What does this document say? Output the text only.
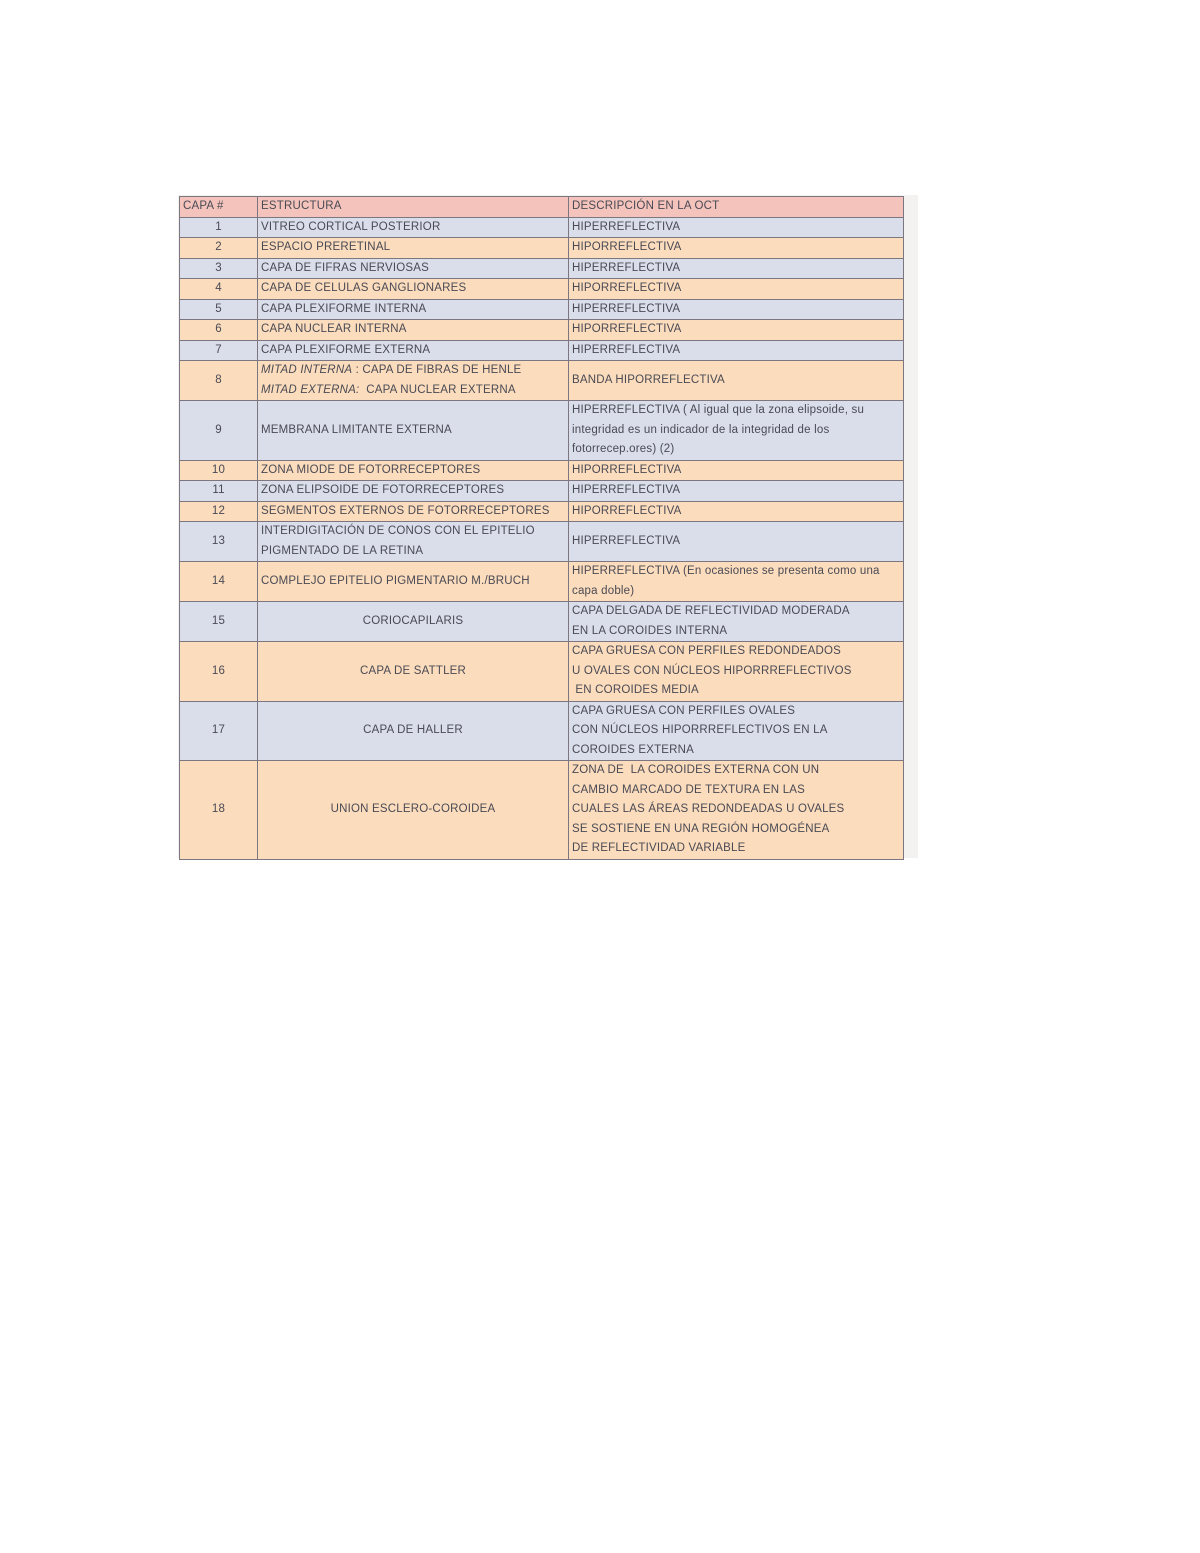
CAPA #	ESTRUCTURA	DESCRIPCIÓN EN LA OCT
1	VITREO CORTICAL POSTERIOR	HIPERREFLECTIVA
2	ESPACIO PRERETINAL	HIPORREFLECTIVA
3	CAPA DE FIFRAS NERVIOSAS	HIPERREFLECTIVA
4	CAPA DE CELULAS GANGLIONARES	HIPORREFLECTIVA
5	CAPA PLEXIFORME INTERNA	HIPERREFLECTIVA
6	CAPA NUCLEAR INTERNA	HIPORREFLECTIVA
7	CAPA PLEXIFORME EXTERNA	HIPERREFLECTIVA
8	MITAD INTERNA : CAPA DE FIBRAS DE HENLE
MITAD EXTERNA:  CAPA NUCLEAR EXTERNA	BANDA HIPORREFLECTIVA
9	MEMBRANA LIMITANTE EXTERNA	HIPERREFLECTIVA ( Al igual que la zona elipsoide, su
integridad es un indicador de la integridad de los
fotorrecep.ores) (2)

10	ZONA MIODE DE FOTORRECEPTORES	HIPORREFLECTIVA
11	ZONA ELIPSOIDE DE FOTORRECEPTORES	HIPERREFLECTIVA
12	SEGMENTOS EXTERNOS DE FOTORRECEPTORES	HIPORREFLECTIVA
13	INTERDIGITACIÓN DE CONOS CON EL EPITELIO
PIGMENTADO DE LA RETINA	HIPERREFLECTIVA
14	COMPLEJO EPITELIO PIGMENTARIO M./BRUCH	HIPERREFLECTIVA (En ocasiones se presenta como una
capa doble)

15	CORIOCAPILARIS	CAPA DELGADA DE REFLECTIVIDAD MODERADA
EN LA COROIDES INTERNA

16	CAPA DE SATTLER	CAPA GRUESA CON PERFILES REDONDEADOS
U OVALES CON NÚCLEOS HIPORRREFLECTIVOS
EN COROIDES MEDIA

17	CAPA DE HALLER	CAPA GRUESA CON PERFILES OVALES
CON NÚCLEOS HIPORRREFLECTIVOS EN LA
COROIDES EXTERNA

18	UNION ESCLERO-COROIDEA	ZONA DE  LA COROIDES EXTERNA CON UN
CAMBIO MARCADO DE TEXTURA EN LAS
CUALES LAS ÁREAS REDONDEADAS U OVALES
SE SOSTIENE EN UNA REGIÓN HOMOGÉNEA
DE REFLECTIVIDAD VARIABLE
